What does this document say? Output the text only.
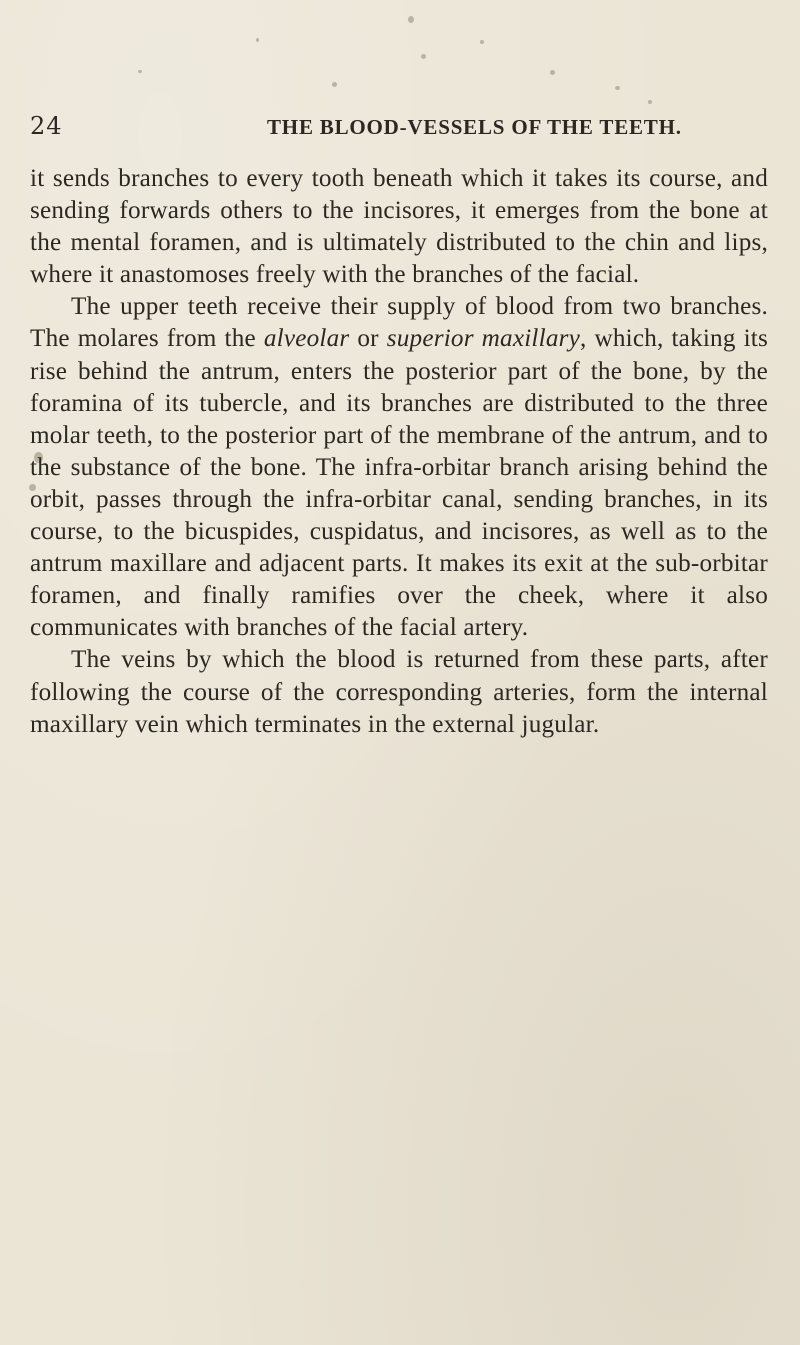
24	THE BLOOD-VESSELS OF THE TEETH.

it sends branches to every tooth beneath which it takes its course, and sending forwards others to the incisores, it emerges from the bone at the mental foramen, and is ultimately distributed to the chin and lips, where it anastomoses freely with the branches of the facial.

The upper teeth receive their supply of blood from two branches. The molares from the alveolar or superior maxillary, which, taking its rise behind the antrum, enters the posterior part of the bone, by the foramina of its tubercle, and its branches are distributed to the three molar teeth, to the posterior part of the membrane of the antrum, and to the substance of the bone. The infra-orbitar branch arising behind the orbit, passes through the infra-orbitar canal, sending branches, in its course, to the bicuspides, cuspidatus, and incisores, as well as to the antrum maxillare and adjacent parts. It makes its exit at the sub-orbitar foramen, and finally ramifies over the cheek, where it also communicates with branches of the facial artery.

The veins by which the blood is returned from these parts, after following the course of the corresponding arteries, form the internal maxillary vein which terminates in the external jugular.
